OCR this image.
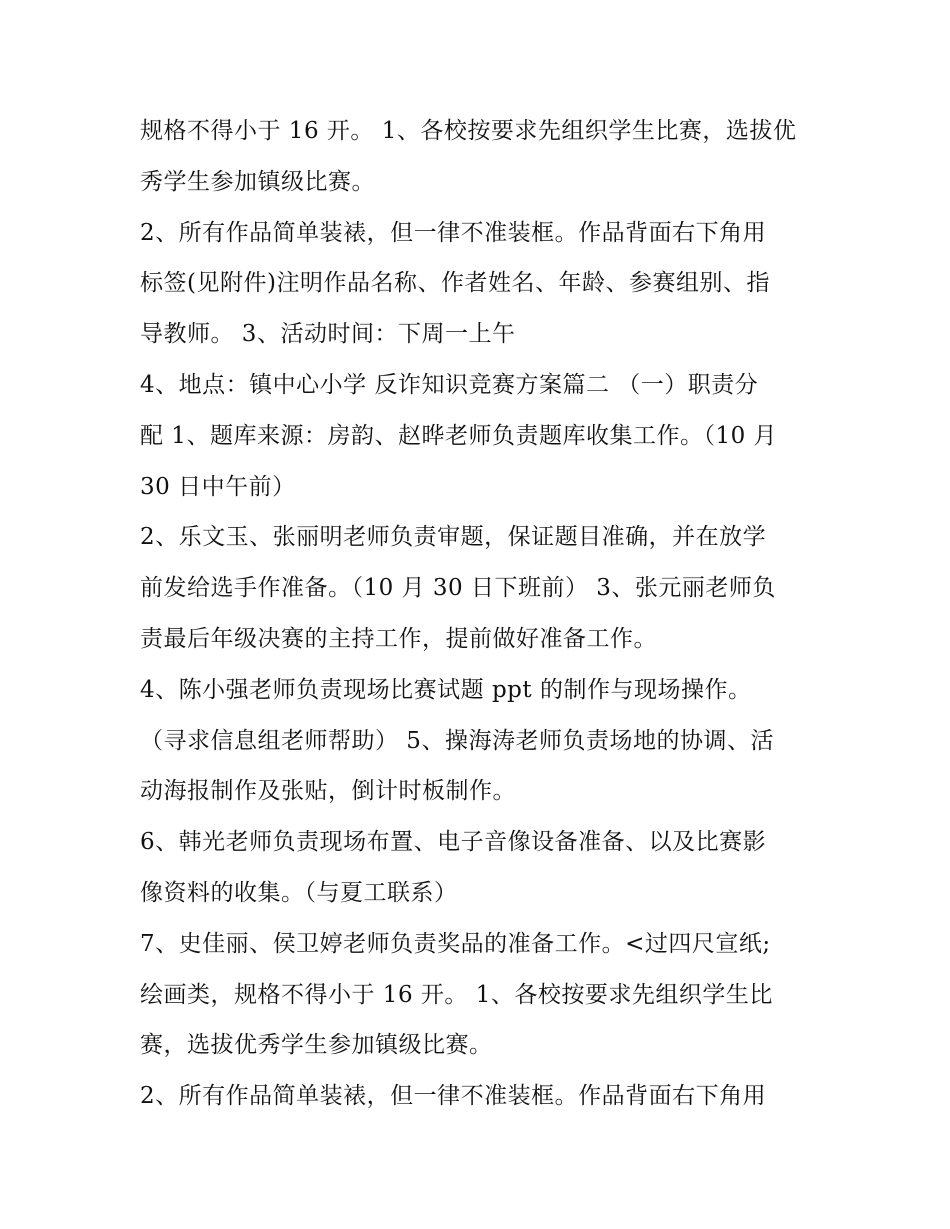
规格不得小于 16 开。 1、各校按要求先组织学生比赛，选拔优
秀学生参加镇级比赛。
2、所有作品简单装裱，但一律不准装框。作品背面右下角用
标签(见附件)注明作品名称、作者姓名、年龄、参赛组别、指
导教师。 3、活动时间：下周一上午
4、地点：镇中心小学 反诈知识竞赛方案篇二 （一）职责分
配 1、题库来源：房韵、赵晔老师负责题库收集工作。（10 月
30 日中午前）
2、乐文玉、张丽明老师负责审题，保证题目准确，并在放学
前发给选手作准备。（10 月 30 日下班前） 3、张元丽老师负
责最后年级决赛的主持工作，提前做好准备工作。
4、陈小强老师负责现场比赛试题 ppt 的制作与现场操作。
（寻求信息组老师帮助） 5、操海涛老师负责场地的协调、活
动海报制作及张贴，倒计时板制作。
6、韩光老师负责现场布置、电子音像设备准备、以及比赛影
像资料的收集。（与夏工联系）
7、史佳丽、侯卫婷老师负责奖品的准备工作。<过四尺宣纸;
绘画类，规格不得小于 16 开。 1、各校按要求先组织学生比
赛，选拔优秀学生参加镇级比赛。
2、所有作品简单装裱，但一律不准装框。作品背面右下角用
